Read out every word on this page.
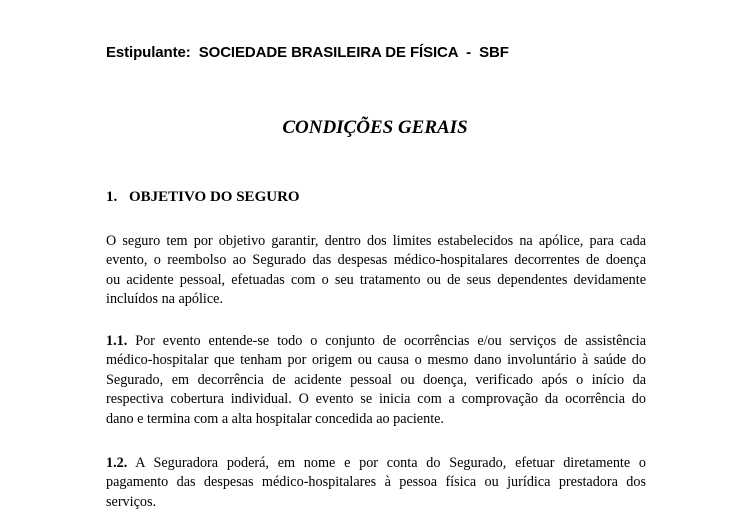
Estipulante: SOCIEDADE BRASILEIRA DE FÍSICA  -  SBF
CONDIÇÕES GERAIS
1. OBJETIVO DO SEGURO

O seguro tem por objetivo garantir, dentro dos limites estabelecidos na apólice, para cada

evento, o reembolso ao Segurado das despesas médico-hospitalares decorrentes de doença

ou acidente pessoal, efetuadas com o seu tratamento ou de seus dependentes devidamente

incluídos na apólice.

1.1. Por evento entende-se todo o conjunto de ocorrências e/ou serviços de assistência

médico-hospitalar que tenham por origem ou causa o mesmo dano involuntário à saúde do

Segurado, em decorrência de acidente pessoal ou doença, verificado após o início da

respectiva cobertura individual. O evento se inicia com a comprovação da ocorrência do

dano e termina com a alta hospitalar concedida ao paciente.

1.2. A Seguradora poderá, em nome e por conta do Segurado, efetuar diretamente o

pagamento das despesas médico-hospitalares à pessoa física ou jurídica prestadora dos

serviços.
